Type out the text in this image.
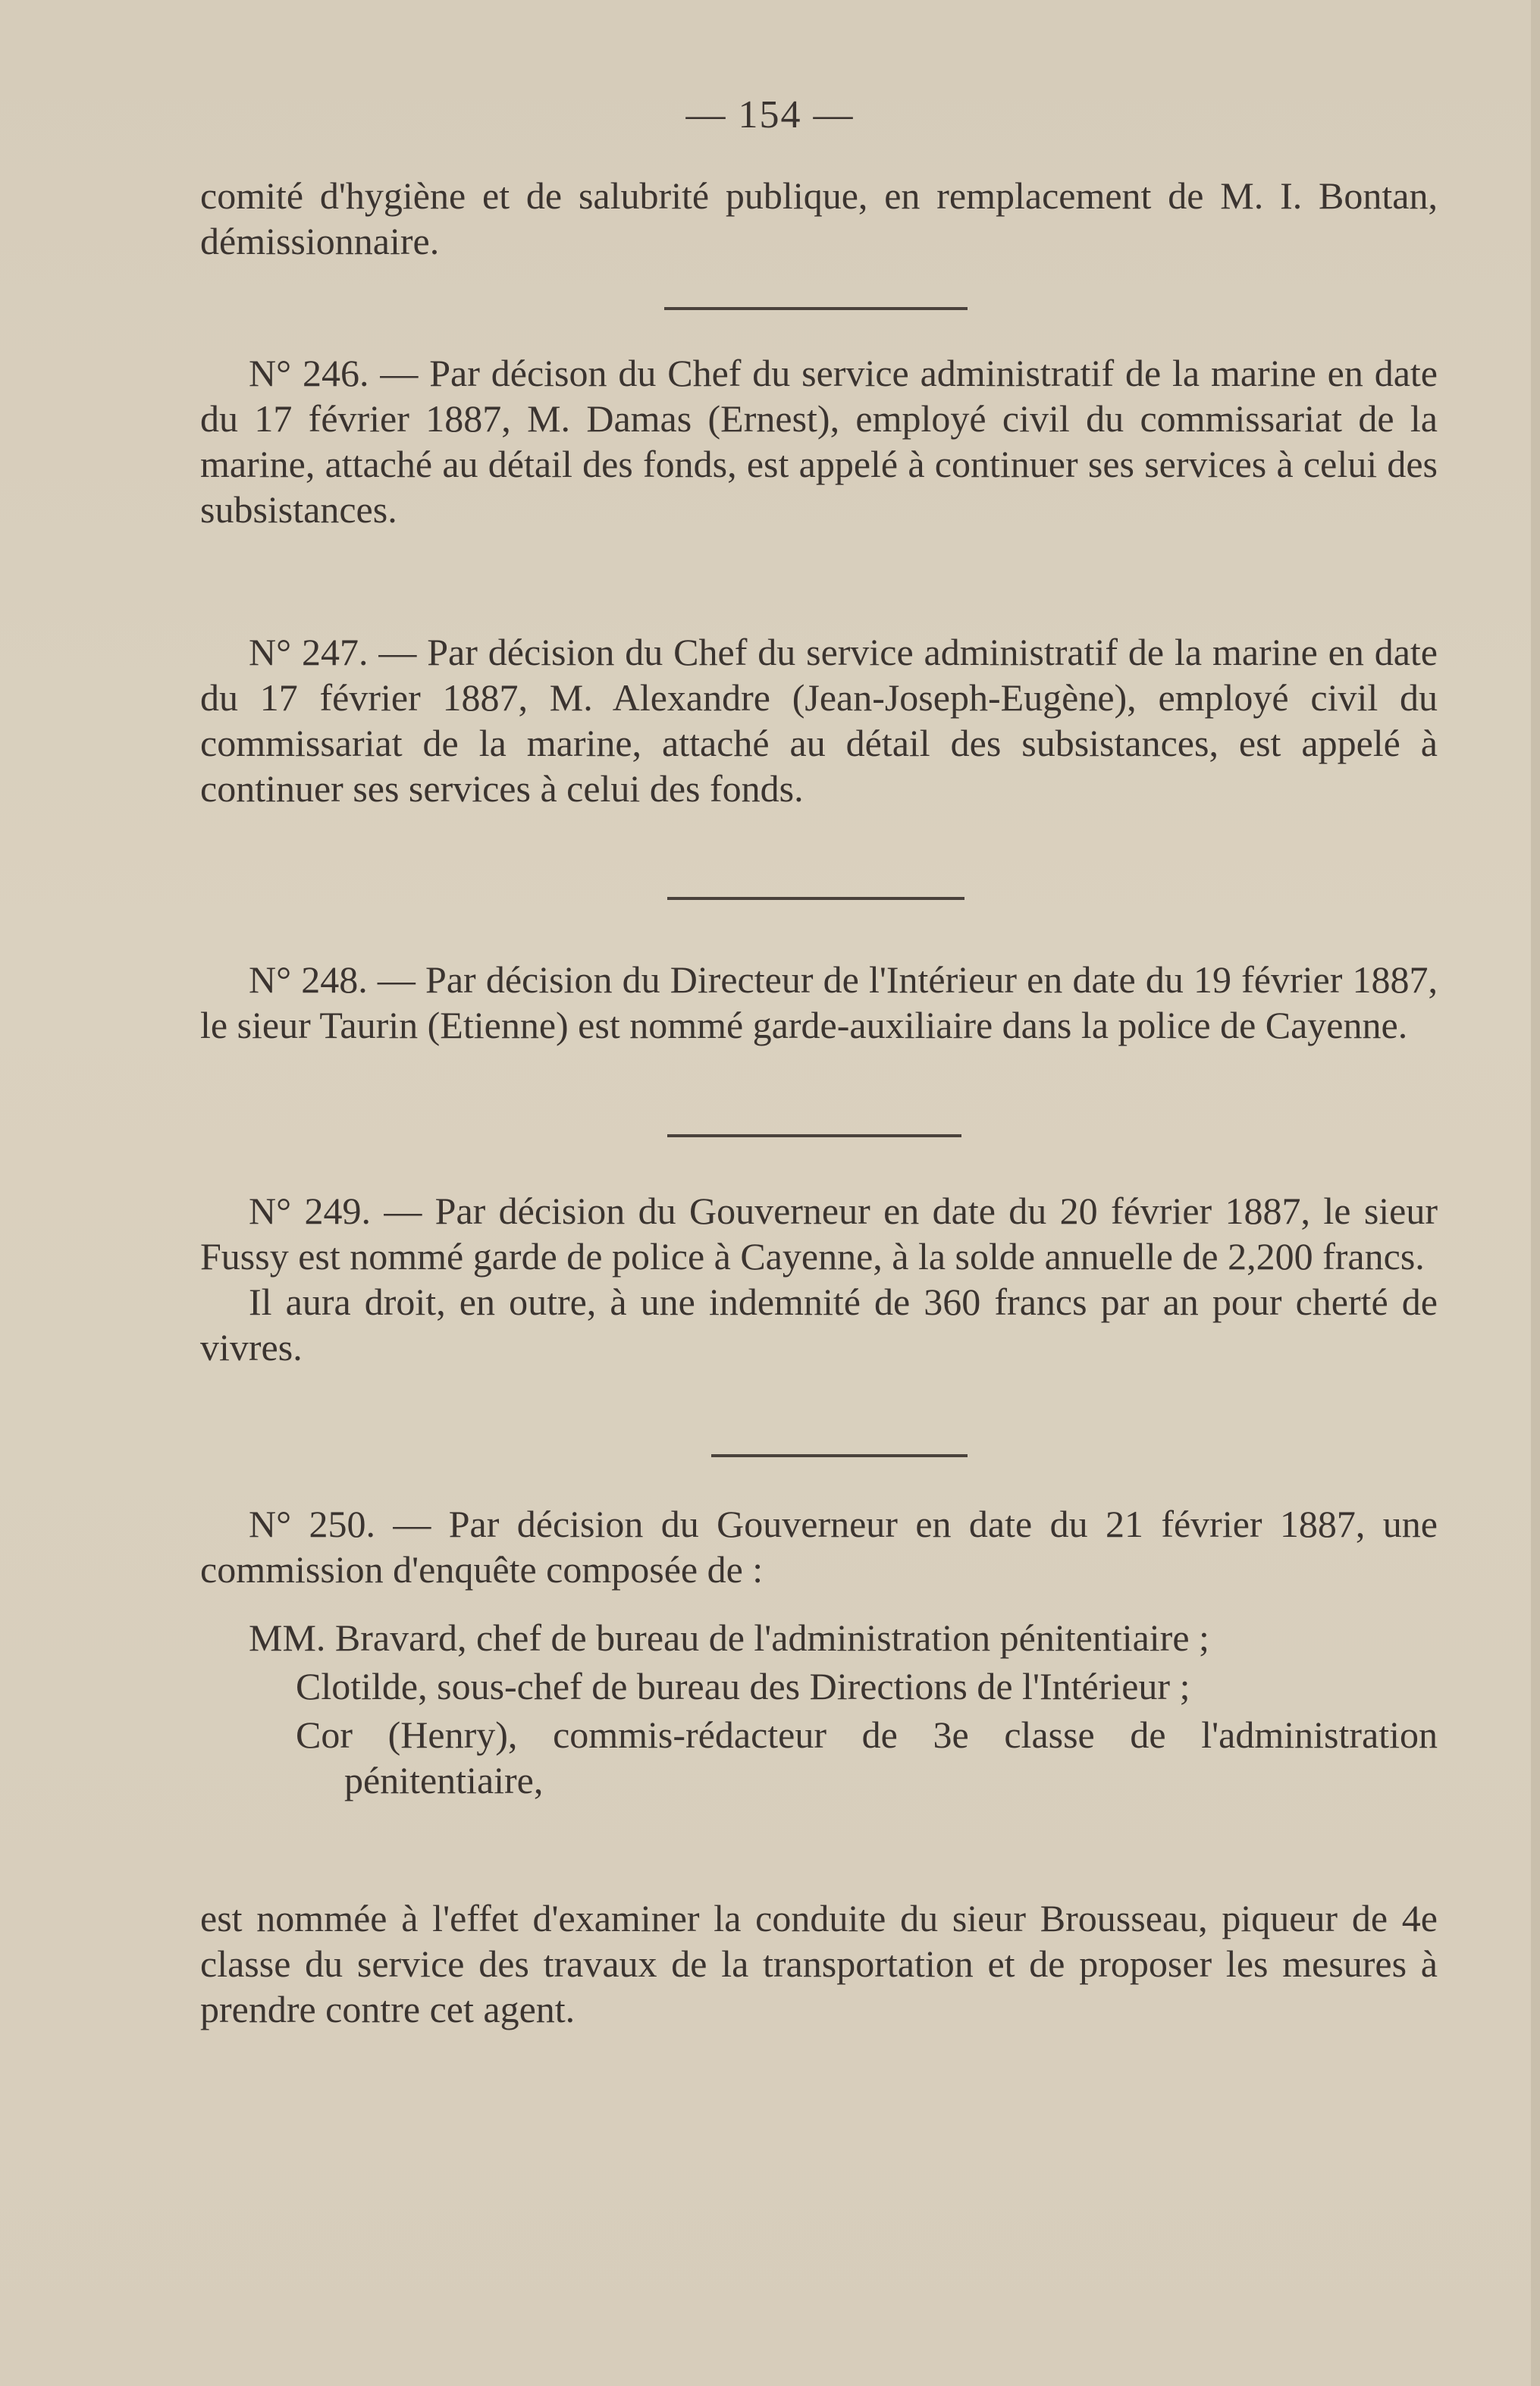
— 154 —

comité d'hygiène et de salubrité publique, en remplacement de M. I. Bontan, démissionnaire.

N° 246. — Par décison du Chef du service administratif de la marine en date du 17 février 1887, M. Damas (Ernest), employé civil du commissariat de la marine, attaché au détail des fonds, est appelé à continuer ses services à celui des subsistances.

N° 247. — Par décision du Chef du service administratif de la marine en date du 17 février 1887, M. Alexandre (Jean-Joseph-Eugène), employé civil du commissariat de la marine, attaché au détail des subsistances, est appelé à continuer ses services à celui des fonds.

N° 248. — Par décision du Directeur de l'Intérieur en date du 19 février 1887, le sieur Taurin (Etienne) est nommé garde-auxiliaire dans la police de Cayenne.

N° 249. — Par décision du Gouverneur en date du 20 février 1887, le sieur Fussy est nommé garde de police à Cayenne, à la solde annuelle de 2,200 francs.

Il aura droit, en outre, à une indemnité de 360 francs par an pour cherté de vivres.

N° 250. — Par décision du Gouverneur en date du 21 février 1887, une commission d'enquête composée de :

MM. Bravard, chef de bureau de l'administration pénitentiaire ;

Clotilde, sous-chef de bureau des Directions de l'Intérieur ;

Cor (Henry), commis-rédacteur de 3e classe de l'administration pénitentiaire,

est nommée à l'effet d'examiner la conduite du sieur Brousseau, piqueur de 4e classe du service des travaux de la transportation et de proposer les mesures à prendre contre cet agent.
